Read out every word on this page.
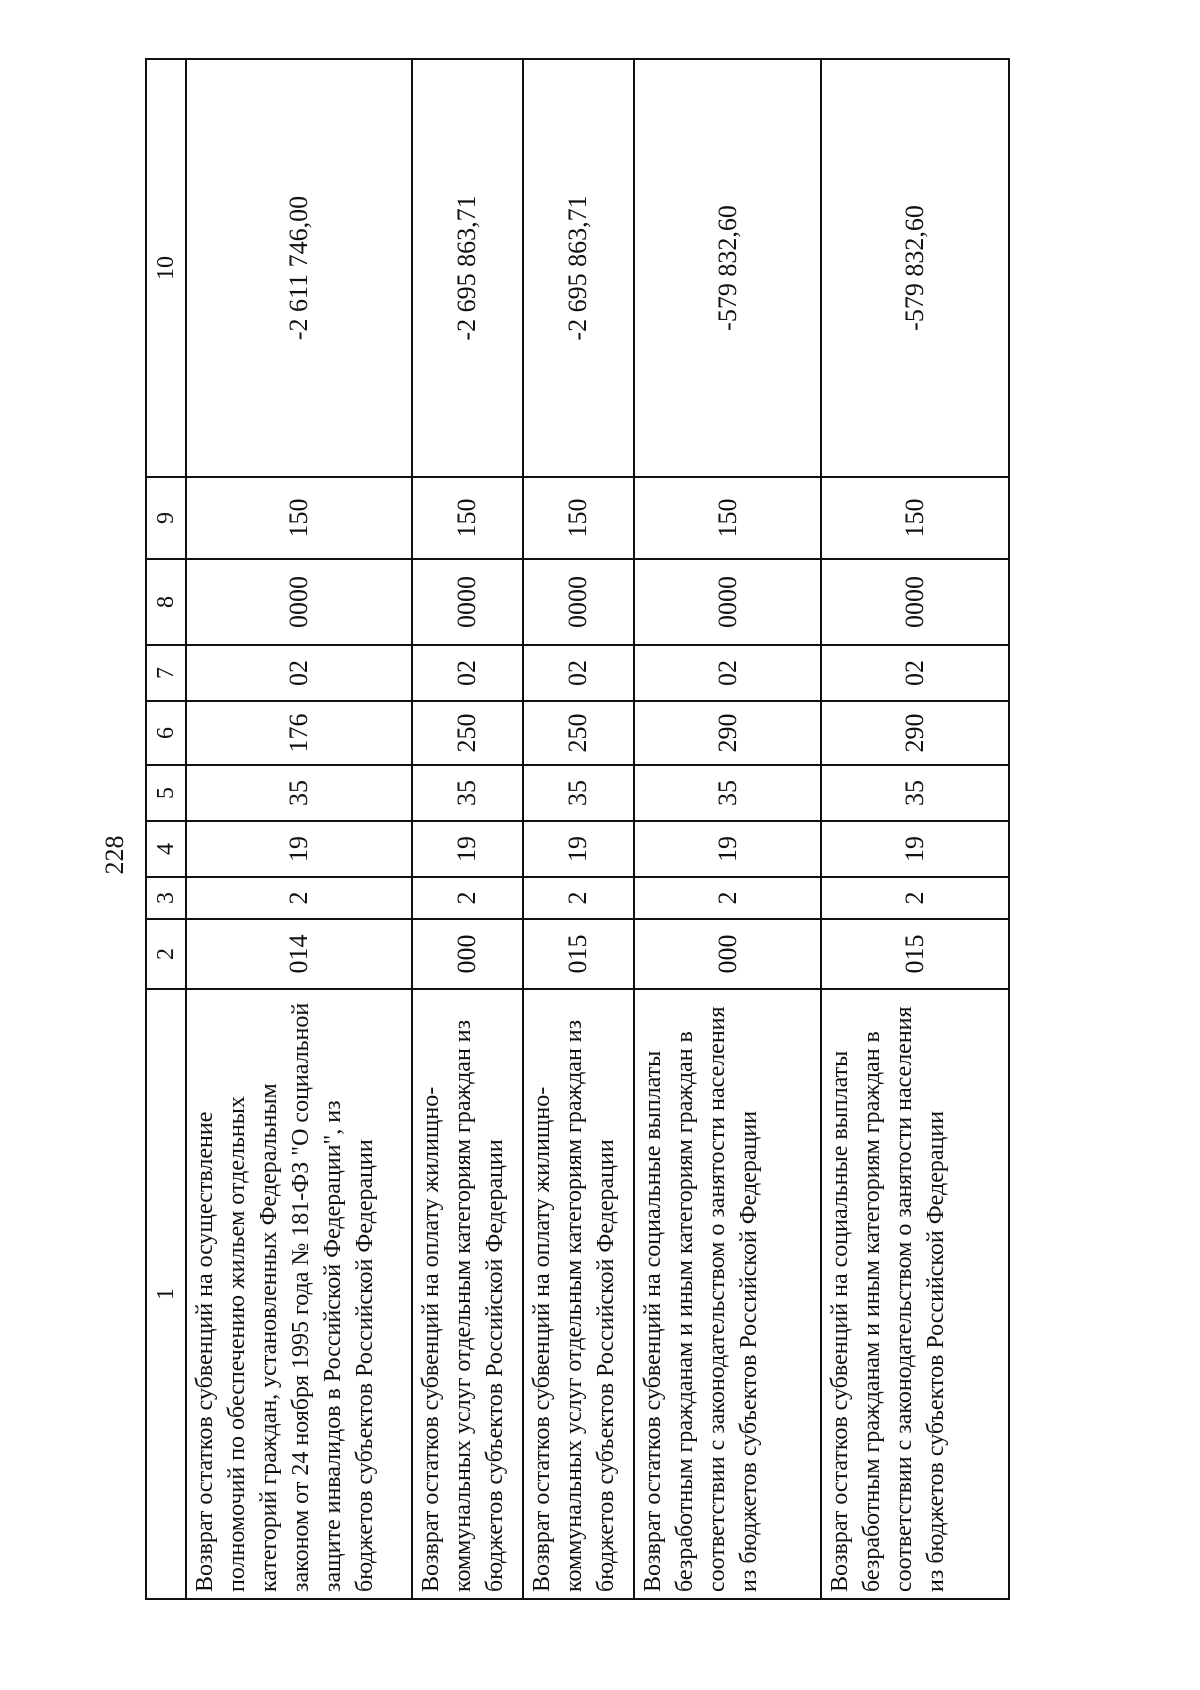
228
1	2	3	4	5	6	7	8	9	10
Возврат остатков субвенций на осуществление полномочий по обеспечению жильем отдельных категорий граждан, установленных Федеральным законом от 24 ноября 1995 года № 181-ФЗ "О социальной защите инвалидов в Российской Федерации", из бюджетов субъектов Российской Федерации	014	2	19	35	176	02	0000	150	-2 611 746,00
Возврат остатков субвенций на оплату жилищно-коммунальных услуг отдельным категориям граждан из бюджетов субъектов Российской Федерации	000	2	19	35	250	02	0000	150	-2 695 863,71
Возврат остатков субвенций на оплату жилищно-коммунальных услуг отдельным категориям граждан из бюджетов субъектов Российской Федерации	015	2	19	35	250	02	0000	150	-2 695 863,71
Возврат остатков субвенций на социальные выплаты безработным гражданам и иным категориям граждан в соответствии с законодательством о занятости населения из бюджетов субъектов Российской Федерации	000	2	19	35	290	02	0000	150	-579 832,60
Возврат остатков субвенций на социальные выплаты безработным гражданам и иным категориям граждан в соответствии с законодательством о занятости населения из бюджетов субъектов Российской Федерации	015	2	19	35	290	02	0000	150	-579 832,60
